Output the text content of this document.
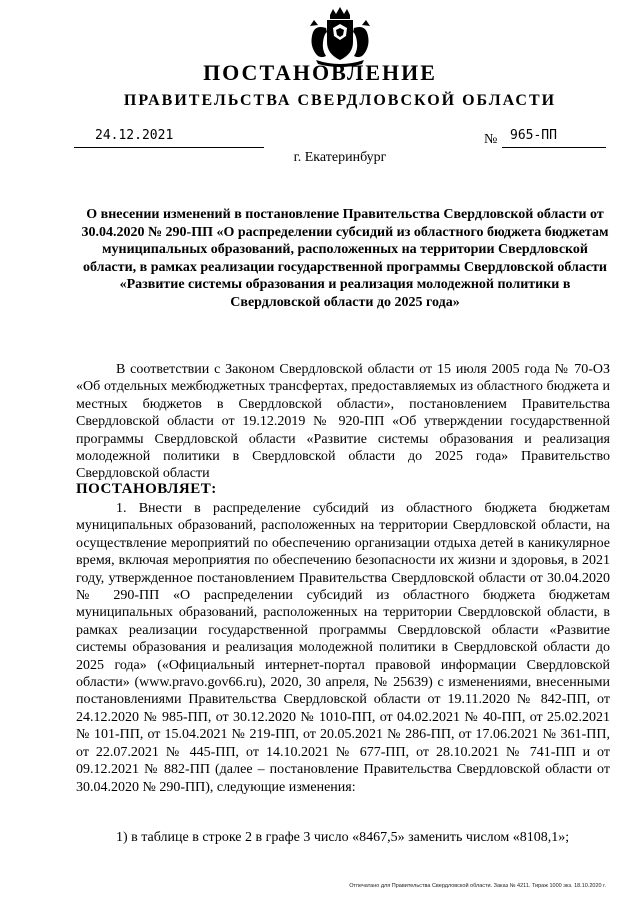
ПОСТАНОВЛЕНИЕ
ПРАВИТЕЛЬСТВА СВЕРДЛОВСКОЙ ОБЛАСТИ
24.12.2021	№ 965-ПП
г. Екатеринбург
О внесении изменений в постановление Правительства Свердловской области от 30.04.2020 № 290-ПП «О распределении субсидий из областного бюджета бюджетам муниципальных образований, расположенных на территории Свердловской области, в рамках реализации государственной программы Свердловской области «Развитие системы образования и реализация молодежной политики в Свердловской области до 2025 года»
В соответствии с Законом Свердловской области от 15 июля 2005 года № 70-ОЗ «Об отдельных межбюджетных трансфертах, предоставляемых из областного бюджета и местных бюджетов в Свердловской области», постановлением Правительства Свердловской области от 19.12.2019 № 920-ПП «Об утверждении государственной программы Свердловской области «Развитие системы образования и реализация молодежной политики в Свердловской области до 2025 года» Правительство Свердловской области
ПОСТАНОВЛЯЕТ:
1. Внести в распределение субсидий из областного бюджета бюджетам муниципальных образований, расположенных на территории Свердловской области, на осуществление мероприятий по обеспечению организации отдыха детей в каникулярное время, включая мероприятия по обеспечению безопасности их жизни и здоровья, в 2021 году, утвержденное постановлением Правительства Свердловской области от 30.04.2020 № 290-ПП «О распределении субсидий из областного бюджета бюджетам муниципальных образований, расположенных на территории Свердловской области, в рамках реализации государственной программы Свердловской области «Развитие системы образования и реализация молодежной политики в Свердловской области до 2025 года» («Официальный интернет-портал правовой информации Свердловской области» (www.pravo.gov66.ru), 2020, 30 апреля, № 25639) с изменениями, внесенными постановлениями Правительства Свердловской области от 19.11.2020 № 842-ПП, от 24.12.2020 № 985-ПП, от 30.12.2020 № 1010-ПП, от 04.02.2021 № 40-ПП, от 25.02.2021 № 101-ПП, от 15.04.2021 № 219-ПП, от 20.05.2021 № 286-ПП, от 17.06.2021 № 361-ПП, от 22.07.2021 № 445-ПП, от 14.10.2021 № 677-ПП, от 28.10.2021 № 741-ПП и от 09.12.2021 № 882-ПП (далее – постановление Правительства Свердловской области от 30.04.2020 № 290-ПП), следующие изменения:
1) в таблице в строке 2 в графе 3 число «8467,5» заменить числом «8108,1»;
Отпечатано для Правительства Свердловской области. Заказ № 4211. Тираж 1000 экз. 18.10.2020 г.
